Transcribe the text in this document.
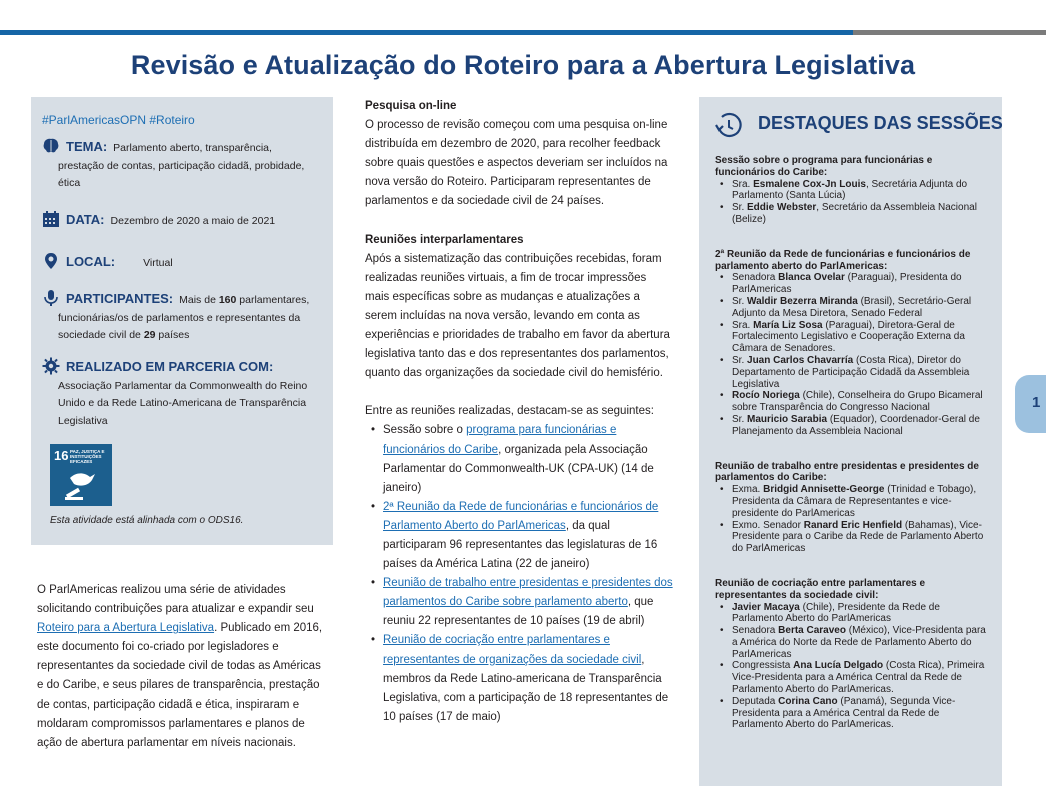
Revisão e Atualização do Roteiro para a Abertura Legislativa
#ParlAmericasOPN #Roteiro
TEMA: Parlamento aberto, transparência,
prestação de contas, participação cidadã, probidade,
ética
DATA: Dezembro de 2020 a maio de 2021
LOCAL:	Virtual
PARTICIPANTES: Mais de 160 parlamentares,
funcionárias/os de parlamentos e representantes da
sociedade civil de 29 países
REALIZADO EM PARCERIA COM:
Associação Parlamentar da Commonwealth do Reino
Unido e da Rede Latino-Americana de Transparência
Legislativa
16 PAZ, JUSTIÇA E INSTITUIÇÕES EFICAZES
Esta atividade está alinhada com o ODS16.

O ParlAmericas realizou uma série de atividades solicitando contribuições para atualizar e expandir seu Roteiro para a Abertura Legislativa. Publicado em 2016, este documento foi co-criado por legisladores e representantes da sociedade civil de todas as Américas e do Caribe, e seus pilares de transparência, prestação de contas, participação cidadã e ética, inspiraram e moldaram compromissos parlamentares e planos de ação de abertura parlamentar em níveis nacionais.

Pesquisa on-line

O processo de revisão começou com uma pesquisa on-line distribuída em dezembro de 2020, para recolher feedback sobre quais questões e aspectos deveriam ser incluídos na nova versão do Roteiro. Participaram representantes de parlamentos e da sociedade civil de 24 países.

Reuniões interparlamentares

Após a sistematização das contribuições recebidas, foram realizadas reuniões virtuais, a fim de trocar impressões mais específicas sobre as mudanças e atualizações a serem incluídas na nova versão, levando em conta as experiências e prioridades de trabalho em favor da abertura legislativa tanto das e dos representantes dos parlamentos, quanto das organizações da sociedade civil do hemisfério.

Entre as reuniões realizadas, destacam-se as seguintes:

• Sessão sobre o programa para funcionárias e funcionários do Caribe, organizada pela Associação Parlamentar do Commonwealth-UK (CPA-UK) (14 de janeiro)
• 2ª Reunião da Rede de funcionárias e funcionários de Parlamento Aberto do ParlAmericas, da qual participaram 96 representantes das legislaturas de 16 países da América Latina (22 de janeiro)
• Reunião de trabalho entre presidentas e presidentes dos parlamentos do Caribe sobre parlamento aberto, que reuniu 22 representantes de 10 países (19 de abril)
• Reunião de cocriação entre parlamentares e representantes de organizações da sociedade civil, membros da Rede Latino-americana de Transparência Legislativa, com a participação de 18 representantes de 10 países (17 de maio)
DESTAQUES DAS SESSÕES
Sessão sobre o programa para funcionárias e funcionários do Caribe:
• Sra. Esmalene Cox-Jn Louis, Secretária Adjunta do Parlamento (Santa Lúcia)
• Sr. Eddie Webster, Secretário da Assembleia Nacional (Belize)
2ª Reunião da Rede de funcionárias e funcionários de parlamento aberto do ParlAmericas:
• Senadora Blanca Ovelar (Paraguai), Presidenta do ParlAmericas
• Sr. Waldir Bezerra Miranda (Brasil), Secretário-Geral Adjunto da Mesa Diretora, Senado Federal
• Sra. María Liz Sosa (Paraguai), Diretora-Geral de Fortalecimento Legislativo e Cooperação Externa da Câmara de Senadores.
• Sr. Juan Carlos Chavarría (Costa Rica), Diretor do Departamento de Participação Cidadã da Assembleia Legislativa
• Rocío Noriega (Chile), Conselheira do Grupo Bicameral sobre Transparência do Congresso Nacional
• Sr. Mauricio Sarabia (Equador), Coordenador-Geral de Planejamento da Assembleia Nacional
Reunião de trabalho entre presidentas e presidentes de parlamentos do Caribe:
• Exma. Bridgid Annisette-George (Trinidad e Tobago), Presidenta da Câmara de Representantes e vice-presidente do ParlAmericas
• Exmo. Senador Ranard Eric Henfield (Bahamas), Vice-Presidente para o Caribe da Rede de Parlamento Aberto do ParlAmericas
Reunião de cocriação entre parlamentares e representantes da sociedade civil:
• Javier Macaya (Chile), Presidente da Rede de Parlamento Aberto do ParlAmericas
• Senadora Berta Caraveo (México), Vice-Presidenta para a América do Norte da Rede de Parlamento Aberto do ParlAmericas
• Congressista Ana Lucía Delgado (Costa Rica), Primeira Vice-Presidenta para a América Central da Rede de Parlamento Aberto do ParlAmericas.
• Deputada Corina Cano (Panamá), Segunda Vice-Presidenta para a América Central da Rede de Parlamento Aberto do ParlAmericas.
1
